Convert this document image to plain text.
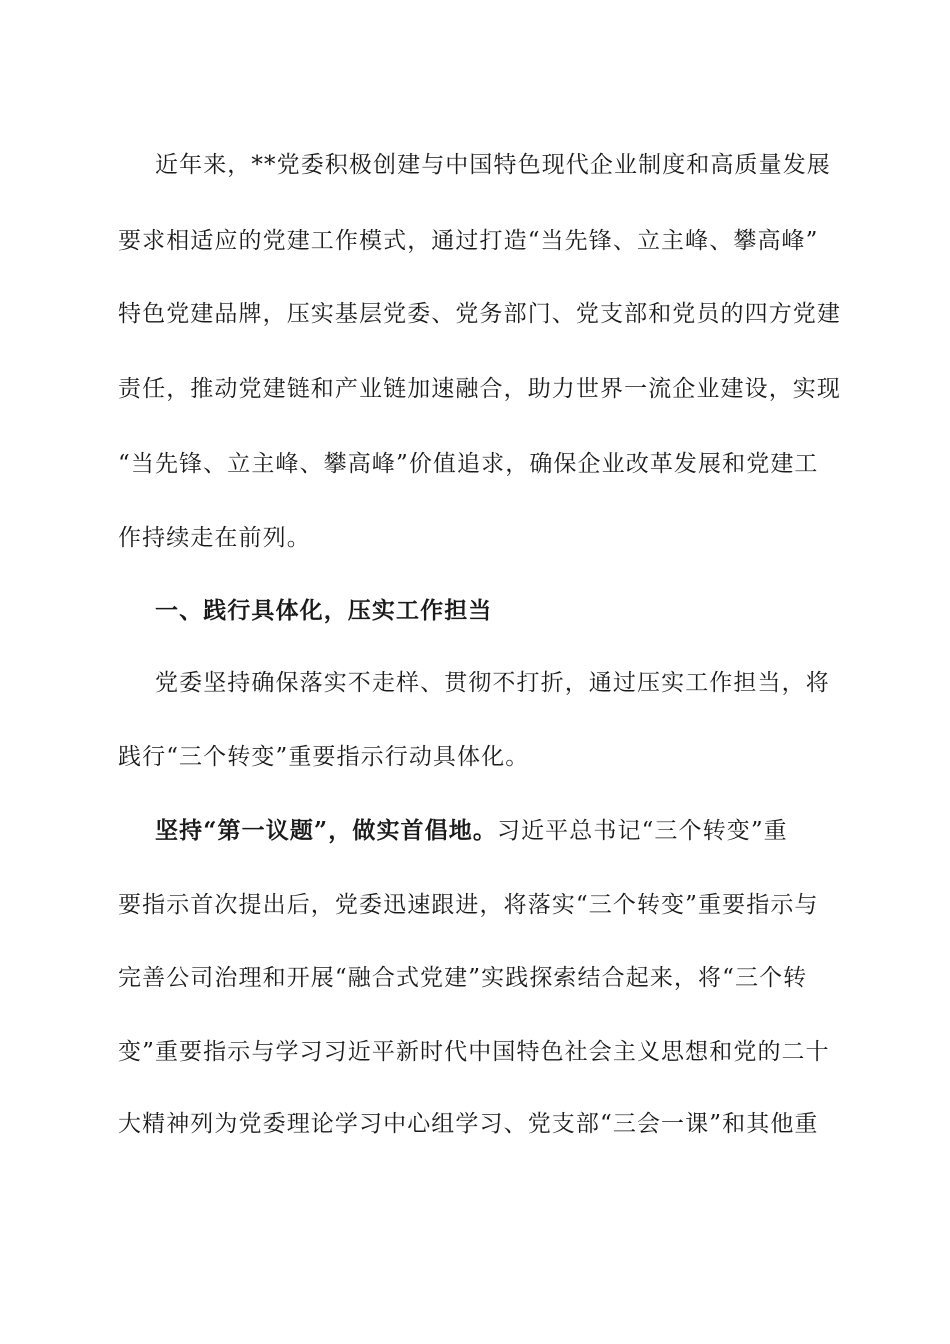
近年来，**党委积极创建与中国特色现代企业制度和高质量发展
要求相适应的党建工作模式，通过打造“当先锋、立主峰、攀高峰”
特色党建品牌，压实基层党委、党务部门、党支部和党员的四方党建
责任，推动党建链和产业链加速融合，助力世界一流企业建设，实现
“当先锋、立主峰、攀高峰”价值追求，确保企业改革发展和党建工
作持续走在前列。
一、践行具体化，压实工作担当
党委坚持确保落实不走样、贯彻不打折，通过压实工作担当，将
践行“三个转变”重要指示行动具体化。
坚持“第一议题”，做实首倡地。习近平总书记“三个转变”重
要指示首次提出后，党委迅速跟进，将落实“三个转变”重要指示与
完善公司治理和开展“融合式党建”实践探索结合起来，将“三个转
变”重要指示与学习习近平新时代中国特色社会主义思想和党的二十
大精神列为党委理论学习中心组学习、党支部“三会一课”和其他重
